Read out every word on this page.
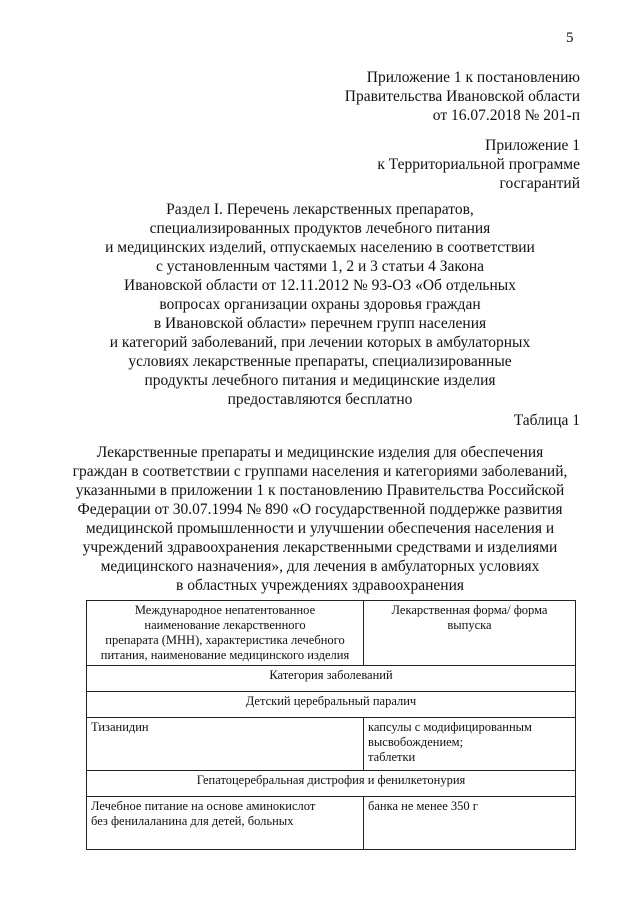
5
Приложение 1 к постановлению
Правительства Ивановской области
от 16.07.2018 № 201-п
Приложение 1
к Территориальной программе
госгарантий
Раздел I. Перечень лекарственных препаратов,
специализированных продуктов лечебного питания
и медицинских изделий, отпускаемых населению в соответствии
с установленным частями 1, 2 и 3 статьи 4 Закона
Ивановской области от 12.11.2012 № 93-ОЗ «Об отдельных
вопросах организации охраны здоровья граждан
в Ивановской области» перечнем групп населения
и категорий заболеваний, при лечении которых в амбулаторных
условиях лекарственные препараты, специализированные
продукты лечебного питания и медицинские изделия
предоставляются бесплатно
Таблица 1
Лекарственные препараты и медицинские изделия для обеспечения
граждан в соответствии с группами населения и категориями заболеваний,
указанными в приложении 1 к постановлению Правительства Российской
Федерации от 30.07.1994 № 890 «О государственной поддержке развития
медицинской промышленности и улучшении обеспечения населения и
учреждений здравоохранения лекарственными средствами и изделиями
медицинского назначения», для лечения в амбулаторных условиях
в областных учреждениях здравоохранения
Международное непатентованное
наименование лекарственного
препарата (МНН), характеристика лечебного
питания, наименование медицинского изделия	Лекарственная форма/ форма
выпуска

Категория заболеваний	
Детский церебральный паралич	

Тизанидин	капсулы с модифицированным
высвобождением;
таблетки

Гепатоцеребральная дистрофия и фенилкетонурия	

Лечебное питание на основе аминокислот
без фенилаланина для детей, больных	банка не менее 350 г
